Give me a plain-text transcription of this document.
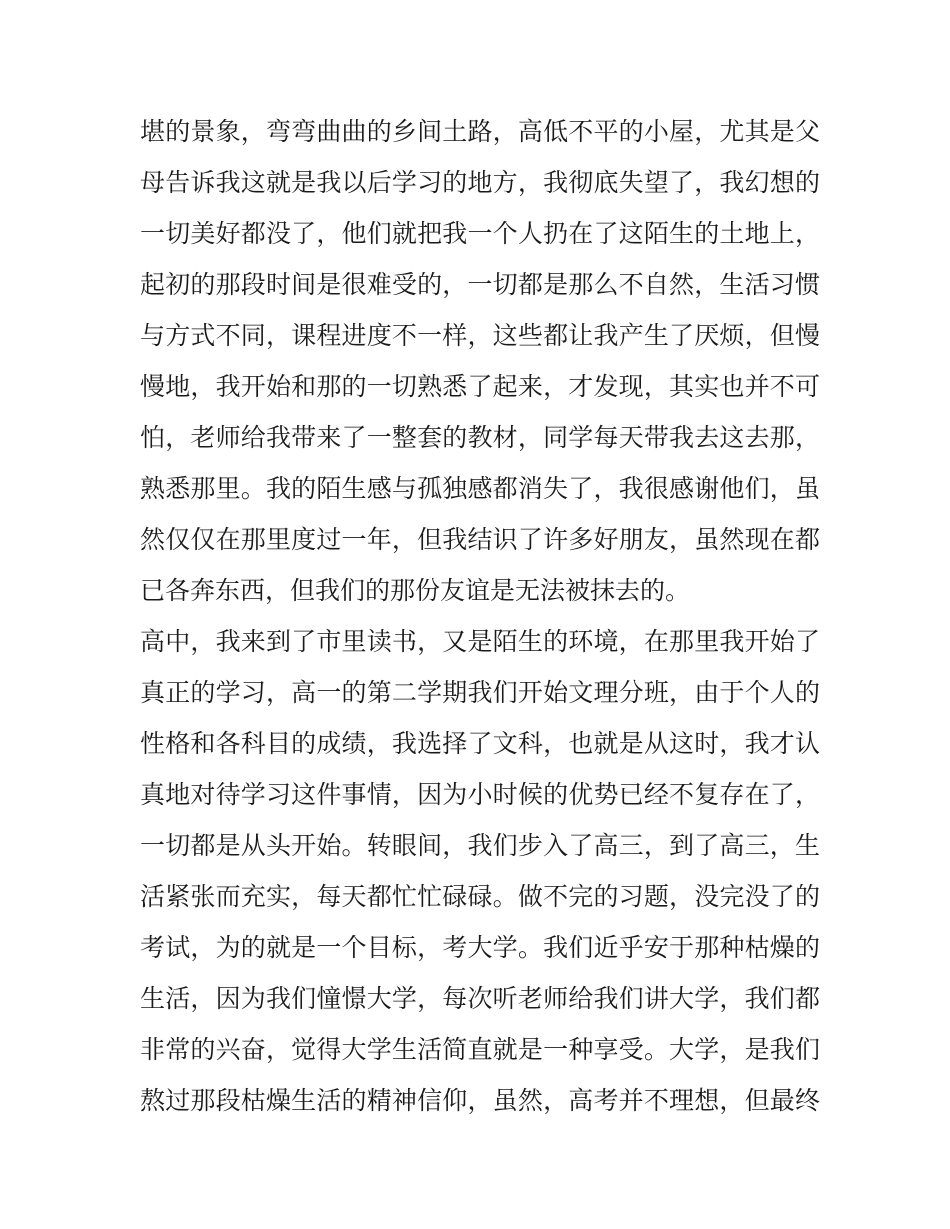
堪的景象，弯弯曲曲的乡间土路，高低不平的小屋，尤其是父
母告诉我这就是我以后学习的地方，我彻底失望了，我幻想的
一切美好都没了，他们就把我一个人扔在了这陌生的土地上，
起初的那段时间是很难受的，一切都是那么不自然，生活习惯
与方式不同，课程进度不一样，这些都让我产生了厌烦，但慢
慢地，我开始和那的一切熟悉了起来，才发现，其实也并不可
怕，老师给我带来了一整套的教材，同学每天带我去这去那，
熟悉那里。我的陌生感与孤独感都消失了，我很感谢他们，虽
然仅仅在那里度过一年，但我结识了许多好朋友，虽然现在都
已各奔东西，但我们的那份友谊是无法被抹去的。
高中，我来到了市里读书，又是陌生的环境，在那里我开始了
真正的学习，高一的第二学期我们开始文理分班，由于个人的
性格和各科目的成绩，我选择了文科，也就是从这时，我才认
真地对待学习这件事情，因为小时候的优势已经不复存在了，
一切都是从头开始。转眼间，我们步入了高三，到了高三，生
活紧张而充实，每天都忙忙碌碌。做不完的习题，没完没了的
考试，为的就是一个目标，考大学。我们近乎安于那种枯燥的
生活，因为我们憧憬大学，每次听老师给我们讲大学，我们都
非常的兴奋，觉得大学生活简直就是一种享受。大学，是我们
熬过那段枯燥生活的精神信仰，虽然，高考并不理想，但最终
